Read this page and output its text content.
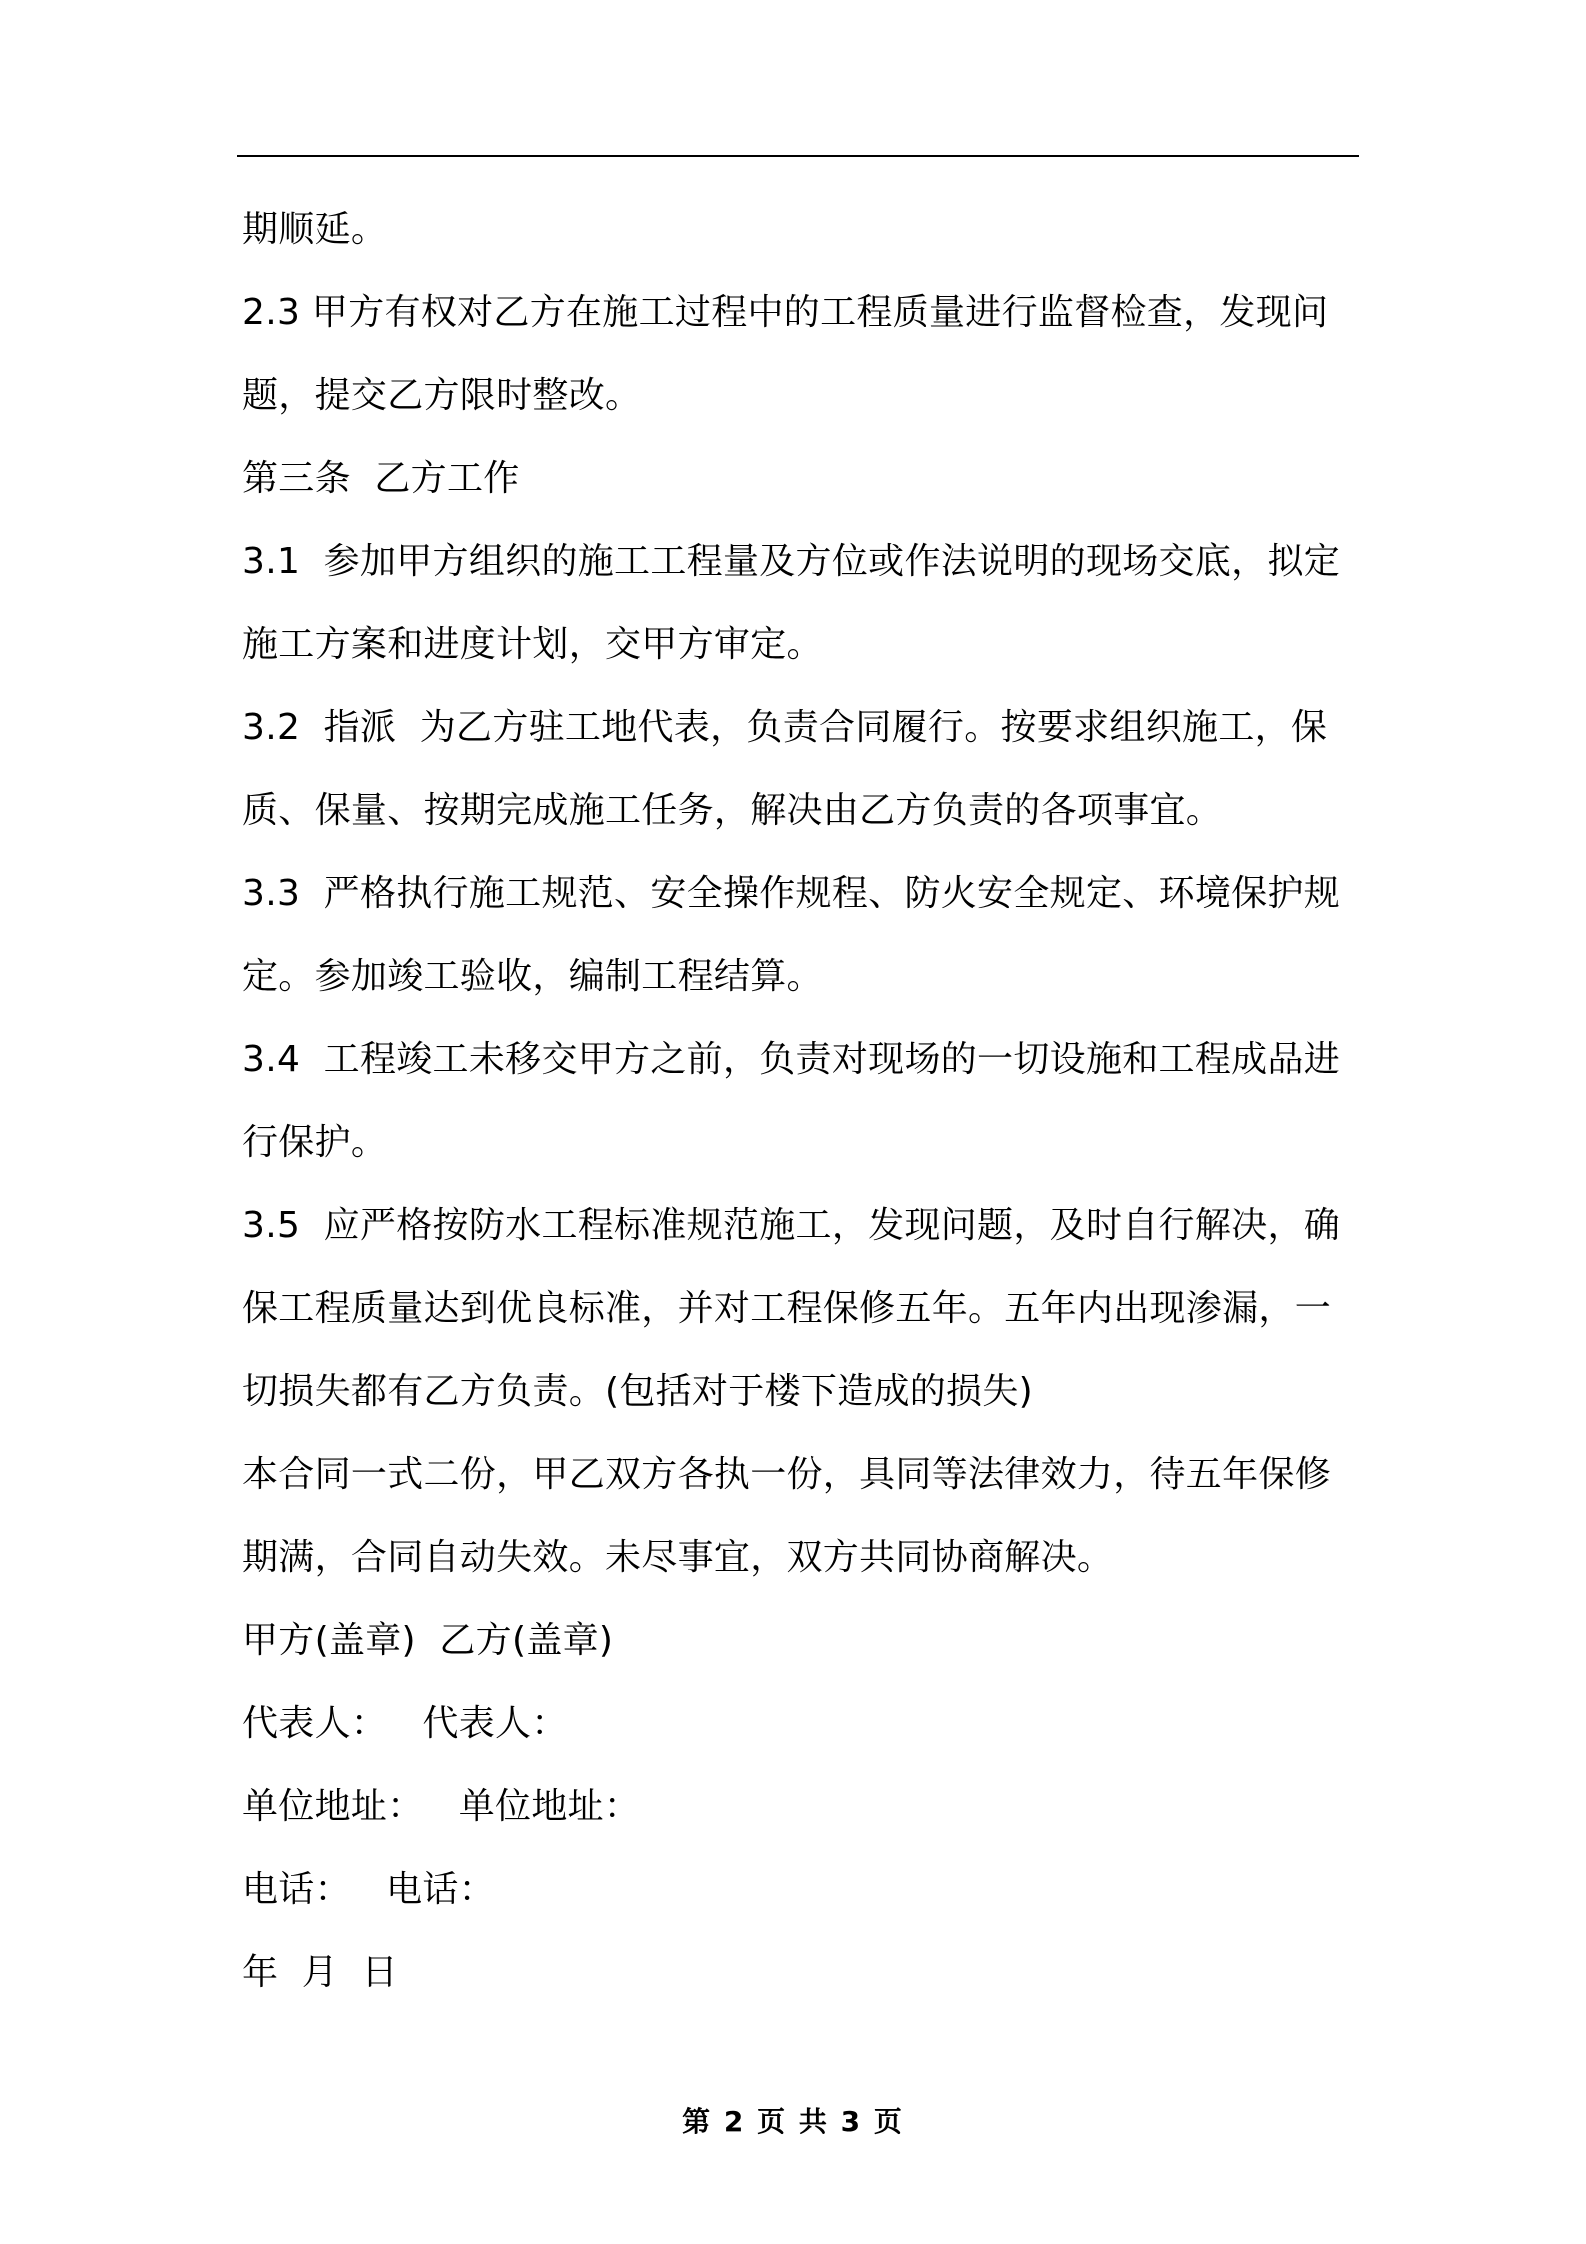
期顺延。

2.3 甲方有权对乙方在施工过程中的工程质量进行监督检查，发现问题，提交乙方限时整改。

第三条  乙方工作

3.1  参加甲方组织的施工工程量及方位或作法说明的现场交底，拟定施工方案和进度计划，交甲方审定。

3.2  指派  为乙方驻工地代表，负责合同履行。按要求组织施工，保质、保量、按期完成施工任务，解决由乙方负责的各项事宜。

3.3  严格执行施工规范、安全操作规程、防火安全规定、环境保护规定。参加竣工验收，编制工程结算。

3.4  工程竣工未移交甲方之前，负责对现场的一切设施和工程成品进行保护。

3.5  应严格按防水工程标准规范施工，发现问题，及时自行解决，确保工程质量达到优良标准，并对工程保修五年。五年内出现渗漏，一切损失都有乙方负责。(包括对于楼下造成的损失)

本合同一式二份，甲乙双方各执一份，具同等法律效力，待五年保修期满，合同自动失效。未尽事宜，双方共同协商解决。

甲方(盖章)  乙方(盖章)

代表人：   代表人：

单位地址：   单位地址：

电话：   电话：

年  月  日

第 2 页 共 3 页
